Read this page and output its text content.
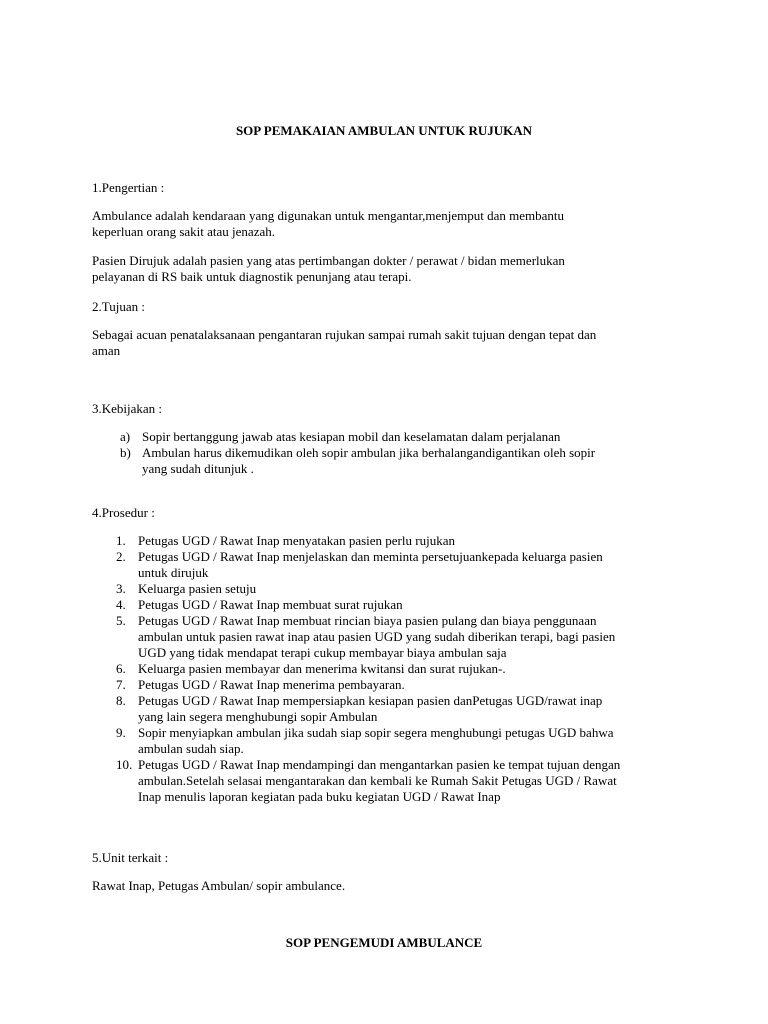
SOP PEMAKAIAN AMBULAN UNTUK RUJUKAN
1.Pengertian :
Ambulance adalah kendaraan yang digunakan untuk mengantar,menjemput dan membantu
keperluan orang sakit atau jenazah.
Pasien Dirujuk adalah pasien yang atas pertimbangan dokter / perawat / bidan memerlukan
pelayanan di RS baik untuk diagnostik penunjang atau terapi.
2.Tujuan :
Sebagai acuan penatalaksanaan pengantaran rujukan sampai rumah sakit tujuan dengan tepat dan
aman
3.Kebijakan :
a) Sopir bertanggung jawab atas kesiapan mobil dan keselamatan dalam perjalanan
b) Ambulan harus dikemudikan oleh sopir ambulan jika berhalangandigantikan oleh sopir
yang sudah ditunjuk .
4.Prosedur :
1. Petugas UGD / Rawat Inap menyatakan pasien perlu rujukan
2. Petugas UGD / Rawat Inap menjelaskan dan meminta persetujuankepada keluarga pasien
untuk dirujuk
3. Keluarga pasien setuju
4. Petugas UGD / Rawat Inap membuat surat rujukan
5. Petugas UGD / Rawat Inap membuat rincian biaya pasien pulang dan biaya penggunaan
ambulan untuk pasien rawat inap atau pasien UGD yang sudah diberikan terapi, bagi pasien
UGD yang tidak mendapat terapi cukup membayar biaya ambulan saja
6. Keluarga pasien membayar dan menerima kwitansi dan surat rujukan-.
7. Petugas UGD / Rawat Inap menerima pembayaran.
8. Petugas UGD / Rawat Inap mempersiapkan kesiapan pasien danPetugas UGD/rawat inap
yang lain segera menghubungi sopir Ambulan
9. Sopir menyiapkan ambulan jika sudah siap sopir segera menghubungi petugas UGD bahwa
ambulan sudah siap.
10. Petugas UGD / Rawat Inap mendampingi dan mengantarkan pasien ke tempat tujuan dengan
ambulan.Setelah selasai mengantarakan dan kembali ke Rumah Sakit Petugas UGD / Rawat
Inap menulis laporan kegiatan pada buku kegiatan UGD / Rawat Inap
5.Unit terkait :
Rawat Inap, Petugas Ambulan/ sopir ambulance.
SOP PENGEMUDI AMBULANCE
